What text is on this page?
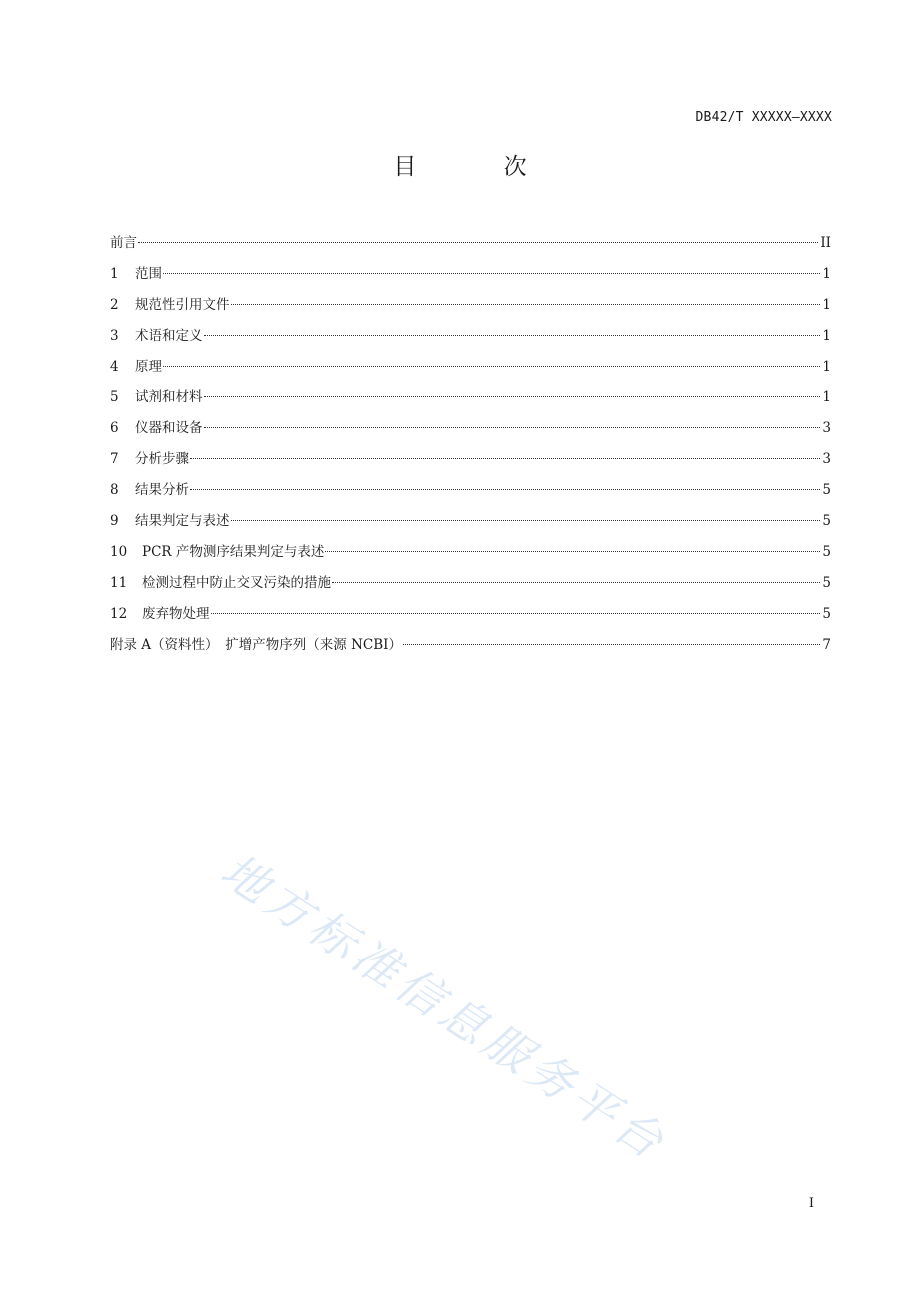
DB42/T XXXXX—XXXX
目 次
前言	II
1	范围	1
2	规范性引用文件	1
3	术语和定义	1
4	原理	1
5	试剂和材料	1
6	仪器和设备	3
7	分析步骤	3
8	结果分析	5
9	结果判定与表述	5
10	PCR 产物测序结果判定与表述	5
11	检测过程中防止交叉污染的措施	5
12	废弃物处理	5
附录 A（资料性）　扩增产物序列（来源 NCBI）	7
地方标准信息服务平台
I
